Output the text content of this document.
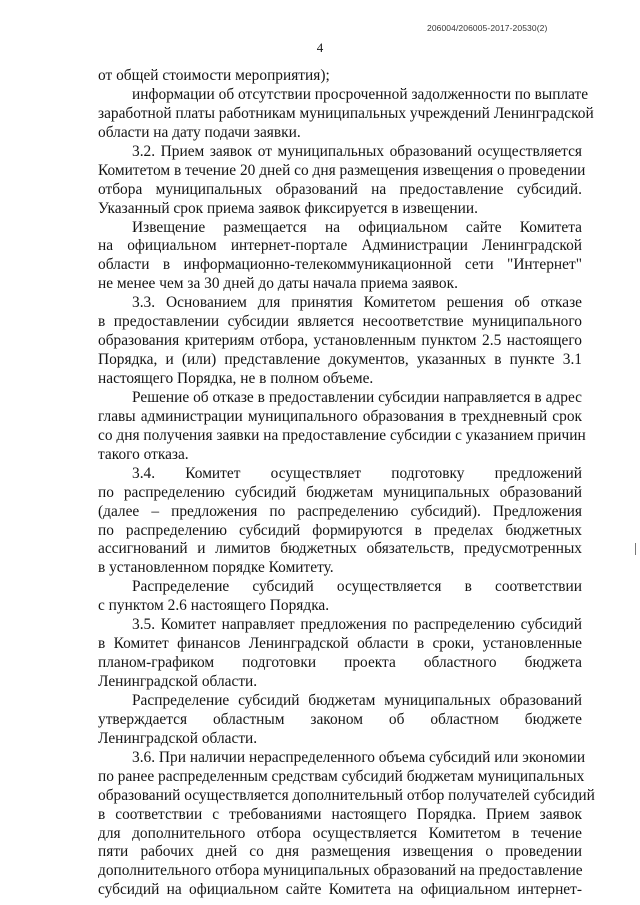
206004/206005-2017-20530(2)
4
от общей стоимости мероприятия);
информации об отсутствии просроченной задолженности по выплате
заработной платы работникам муниципальных учреждений Ленинградской
области на дату подачи заявки.
3.2. Прием заявок от муниципальных образований осуществляется
Комитетом в течение 20 дней со дня размещения извещения о проведении
отбора муниципальных образований на предоставление субсидий.
Указанный срок приема заявок фиксируется в извещении.
Извещение размещается на официальном сайте Комитета
на официальном интернет-портале Администрации Ленинградской
области в информационно-телекоммуникационной сети "Интернет"
не менее чем за 30 дней до даты начала приема заявок.
3.3. Основанием для принятия Комитетом решения об отказе
в предоставлении субсидии является несоответствие муниципального
образования критериям отбора, установленным пунктом 2.5 настоящего
Порядка, и (или) представление документов, указанных в пункте 3.1
настоящего Порядка, не в полном объеме.
Решение об отказе в предоставлении субсидии направляется в адрес
главы администрации муниципального образования в трехдневный срок
со дня получения заявки на предоставление субсидии с указанием причин
такого отказа.
3.4. Комитет осуществляет подготовку предложений
по распределению субсидий бюджетам муниципальных образований
(далее – предложения по распределению субсидий). Предложения
по распределению субсидий формируются в пределах бюджетных
ассигнований и лимитов бюджетных обязательств, предусмотренных
в установленном порядке Комитету.
Распределение субсидий осуществляется в соответствии
с пунктом 2.6 настоящего Порядка.
3.5. Комитет направляет предложения по распределению субсидий
в Комитет финансов Ленинградской области в сроки, установленные
планом-графиком подготовки проекта областного бюджета
Ленинградской области.
Распределение субсидий бюджетам муниципальных образований
утверждается областным законом об областном бюджете
Ленинградской области.
3.6. При наличии нераспределенного объема субсидий или экономии
по ранее распределенным средствам субсидий бюджетам муниципальных
образований осуществляется дополнительный отбор получателей субсидий
в соответствии с требованиями настоящего Порядка. Прием заявок
для дополнительного отбора осуществляется Комитетом в течение
пяти рабочих дней со дня размещения извещения о проведении
дополнительного отбора муниципальных образований на предоставление
субсидий на официальном сайте Комитета на официальном интернет-
